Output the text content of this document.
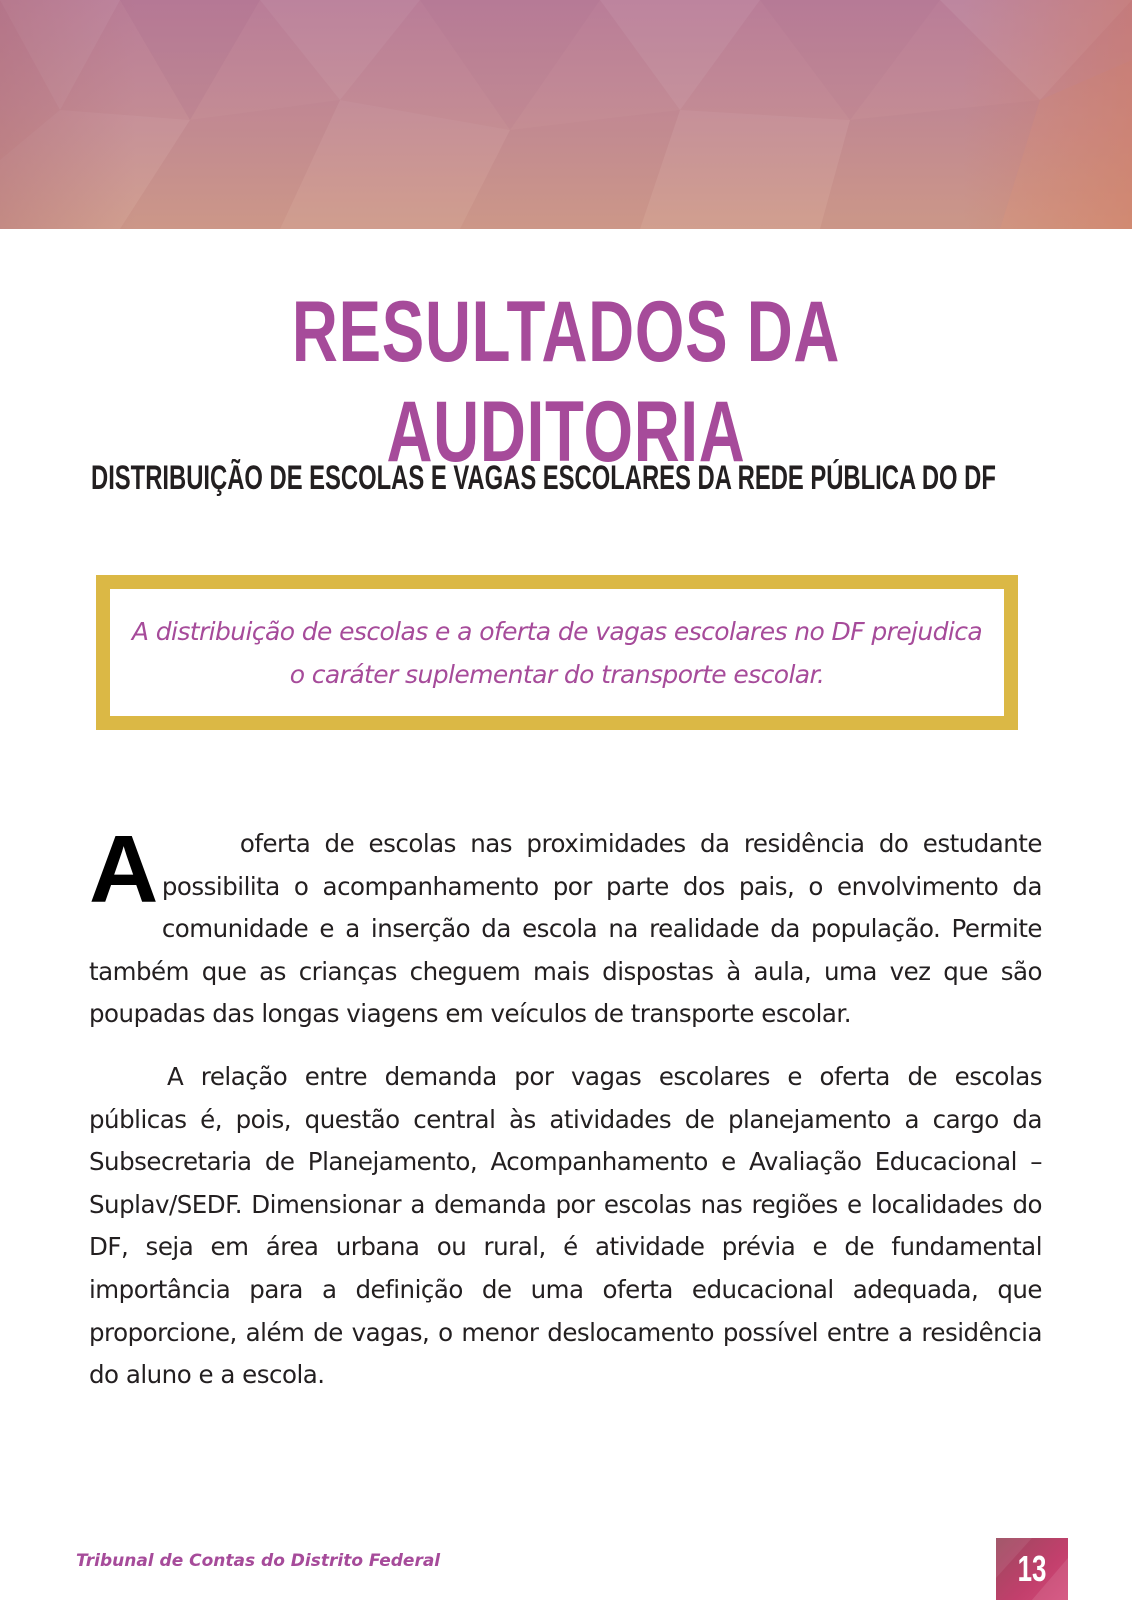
RESULTADOS DA AUDITORIA
DISTRIBUIÇÃO DE ESCOLAS E VAGAS ESCOLARES DA REDE PÚBLICA DO DF

A distribuição de escolas e a oferta de vagas escolares no DF prejudica o caráter suplementar do transporte escolar.

A	oferta de escolas nas proximidades da residência do estudante possibilita o acompanhamento por parte dos pais, o envolvimento da comunidade e a inserção da escola na realidade da população. Permite também que as crianças cheguem mais dispostas à aula, uma vez que são poupadas das longas viagens em veículos de transporte escolar.

A relação entre demanda por vagas escolares e oferta de escolas públicas é, pois, questão central às atividades de planejamento a cargo da Subsecretaria de Planejamento, Acompanhamento e Avaliação Educacional – Suplav/SEDF. Dimensionar a demanda por escolas nas regiões e localidades do DF, seja em área urbana ou rural, é atividade prévia e de fundamental importância para a definição de uma oferta educacional adequada, que proporcione, além de vagas, o menor deslocamento possível entre a residência do aluno e a escola.

Tribunal de Contas do Distrito Federal	13
